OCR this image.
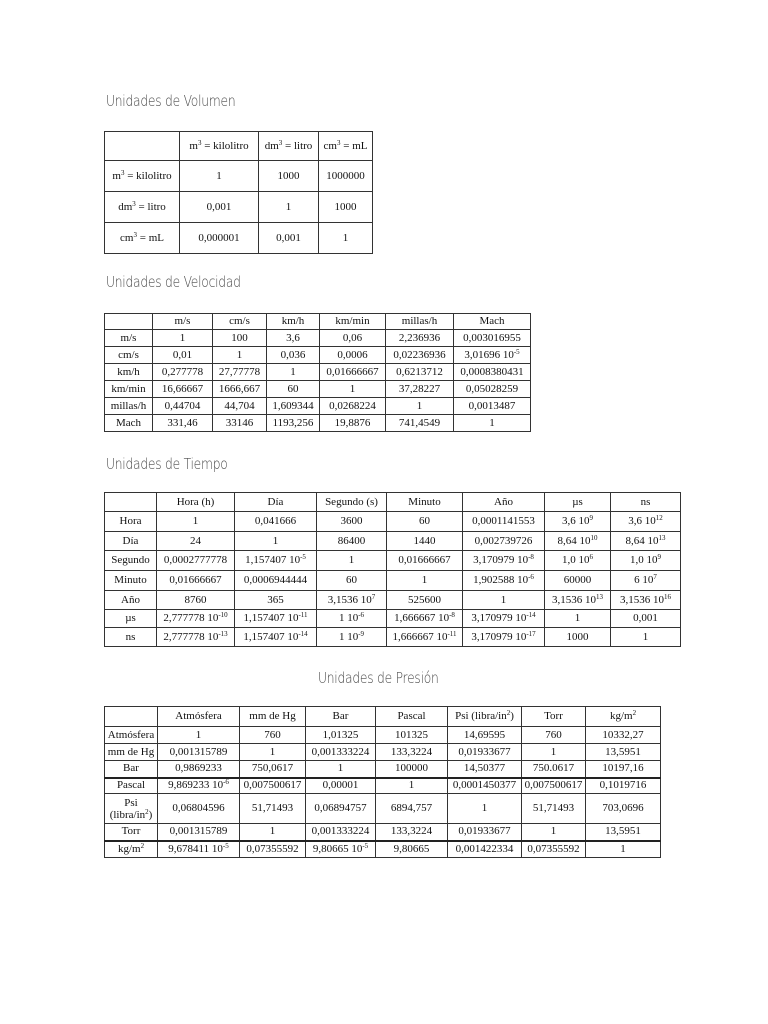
Unidades de Volumen
Unidades de Velocidad
Unidades de Tiempo
Unidades de Presión
	$m^3$ = kilolitro	$dm^3$ = litro	$cm^3$ = mL
$m^3$ = kilolitro	1	1000	1000000
$dm^3$ = litro	0,001	1	1000
$cm^3$ = mL	0,000001	0,001	1
	m/s	cm/s	km/h	km/min	millas/h	Mach
m/s	1	100	3,6	0,06	2,236936	0,003016955
cm/s	0,01	1	0,036	0,0006	0,02236936	3,01696 $10^{-5}$
km/h	0,277778	27,77778	1	0,01666667	0,6213712	0,0008380431
km/min	16,66667	1666,667	60	1	37,28227	0,05028259
millas/h	0,44704	44,704	1,609344	0,0268224	1	0,0013487
Mach	331,46	33146	1193,256	19,8876	741,4549	1
	Hora (h)	Día	Segundo (s)	Minuto	Año	µs	ns
Hora	1	0,041666	3600	60	0,0001141553	3,6 $10^9$	3,6 $10^{12}$
Día	24	1	86400	1440	0,002739726	8,64 $10^{10}$	8,64 $10^{13}$
Segundo	0,0002777778	1,157407 $10^{-5}$	1	0,01666667	3,170979 $10^{-8}$	1,0 $10^6$	1,0 $10^9$
Minuto	0,01666667	0,0006944444	60	1	1,902588 $10^{-6}$	60000	6 $10^7$
Año	8760	365	3,1536 $10^7$	525600	1	3,1536 $10^{13}$	3,1536 $10^{16}$
µs	2,777778 $10^{-10}$	1,157407 $10^{-11}$	1 $10^{-6}$	1,666667 $10^{-8}$	3,170979 $10^{-14}$	1	0,001
ns	2,777778 $10^{-13}$	1,157407 $10^{-14}$	1 $10^{-9}$	1,666667 $10^{-11}$	3,170979 $10^{-17}$	1000	1
	Atmósfera	mm de Hg	Bar	Pascal	Psi $(libra/in^2)$	Torr	$kg/m^2$
Atmósfera	1	760	1,01325	101325	14,69595	760	10332,27
mm de Hg	0,001315789	1	0,001333224	133,3224	0,01933677	1	13,5951
Bar	0,9869233	750,0617	1	100000	14,50377	750.0617	10197,16
Pascal	9,869233 $10^{-6}$	0,007500617	0,00001	1	0,0001450377	0,007500617	0,1019716
Psi $(libra/in^2)$	0,06804596	51,71493	0,06894757	6894,757	1	51,71493	703,0696
Torr	0,001315789	1	0,001333224	133,3224	0,01933677	1	13,5951
$kg/m^2$	9,678411 $10^{-5}$	0,07355592	9,80665 $10^{-5}$	9,80665	0,001422334	0,07355592	1
